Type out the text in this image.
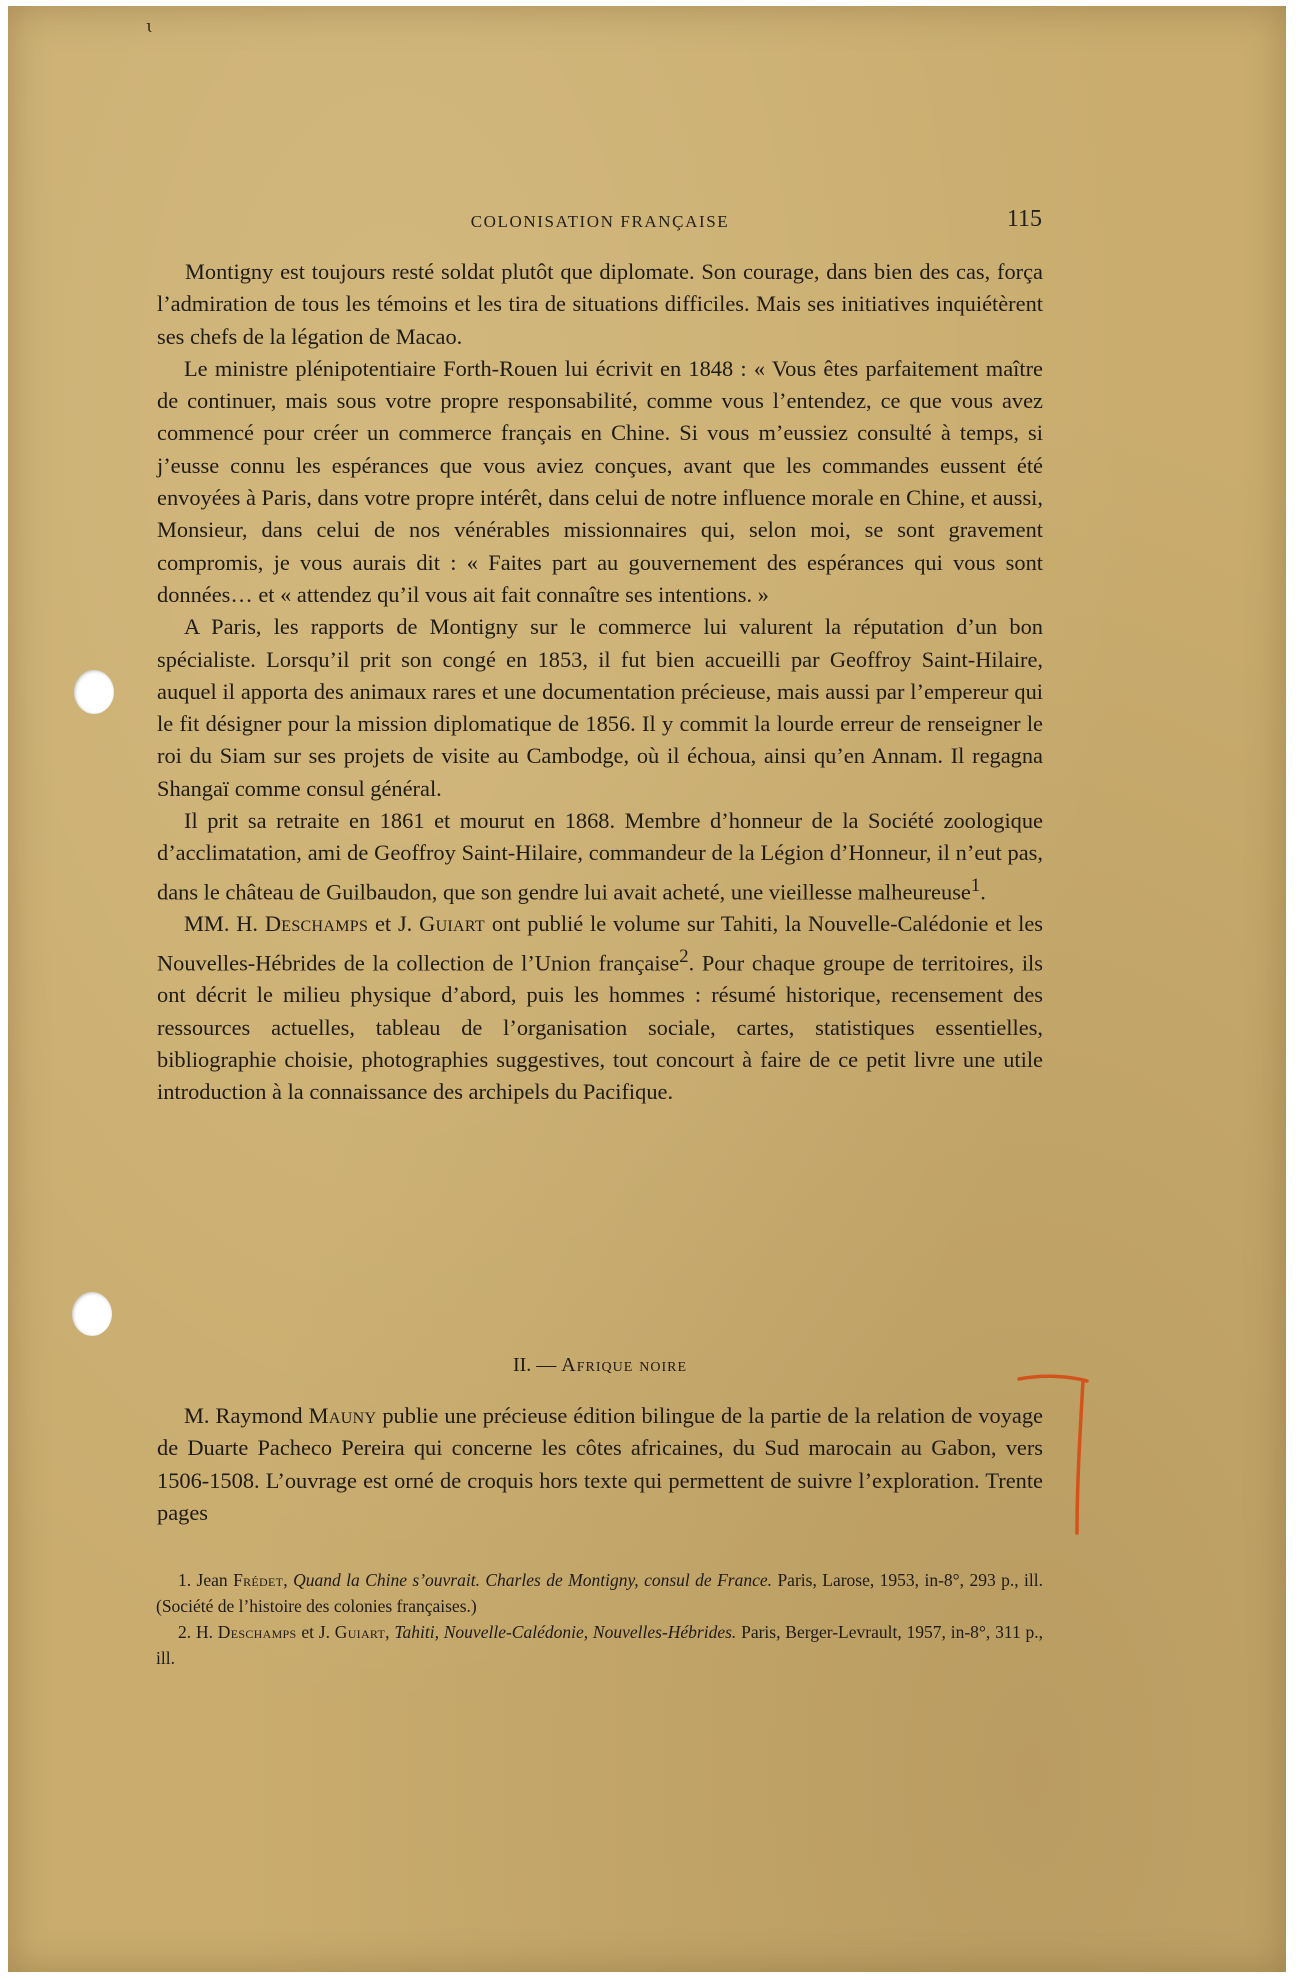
ɩ
COLONISATION FRANÇAISE	115

Montigny est toujours resté soldat plutôt que diplomate. Son courage, dans bien des cas, força l’admiration de tous les témoins et les tira de situations difficiles. Mais ses initiatives inquiétèrent ses chefs de la légation de Macao.

Le ministre plénipotentiaire Forth-Rouen lui écrivit en 1848 : « Vous êtes parfaitement maître de continuer, mais sous votre propre responsabilité, comme vous l’entendez, ce que vous avez commencé pour créer un commerce français en Chine. Si vous m’eussiez consulté à temps, si j’eusse connu les espérances que vous aviez conçues, avant que les commandes eussent été envoyées à Paris, dans votre propre intérêt, dans celui de notre influence morale en Chine, et aussi, Monsieur, dans celui de nos vénérables missionnaires qui, selon moi, se sont gravement compromis, je vous aurais dit : « Faites part au gouvernement des espérances qui vous sont données… et « attendez qu’il vous ait fait connaître ses intentions. »

A Paris, les rapports de Montigny sur le commerce lui valurent la réputation d’un bon spécialiste. Lorsqu’il prit son congé en 1853, il fut bien accueilli par Geoffroy Saint-Hilaire, auquel il apporta des animaux rares et une documentation précieuse, mais aussi par l’empereur qui le fit désigner pour la mission diplomatique de 1856. Il y commit la lourde erreur de renseigner le roi du Siam sur ses projets de visite au Cambodge, où il échoua, ainsi qu’en Annam. Il regagna Shangaï comme consul général.

Il prit sa retraite en 1861 et mourut en 1868. Membre d’honneur de la Société zoologique d’acclimatation, ami de Geoffroy Saint-Hilaire, commandeur de la Légion d’Honneur, il n’eut pas, dans le château de Guilbaudon, que son gendre lui avait acheté, une vieillesse malheureuse$^1$.

MM. H. Deschamps et J. Guiart ont publié le volume sur Tahiti, la Nouvelle-Calédonie et les Nouvelles-Hébrides de la collection de l’Union française$^2$. Pour chaque groupe de territoires, ils ont décrit le milieu physique d’abord, puis les hommes : résumé historique, recensement des ressources actuelles, tableau de l’organisation sociale, cartes, statistiques essentielles, bibliographie choisie, photographies suggestives, tout concourt à faire de ce petit livre une utile introduction à la connaissance des archipels du Pacifique.

II. — Afrique noire

M. Raymond Mauny publie une précieuse édition bilingue de la partie de la relation de voyage de Duarte Pacheco Pereira qui concerne les côtes africaines, du Sud marocain au Gabon, vers 1506-1508. L’ouvrage est orné de croquis hors texte qui permettent de suivre l’exploration. Trente pages

1. Jean Frédet, Quand la Chine s’ouvrait. Charles de Montigny, consul de France. Paris, Larose, 1953, in-8°, 293 p., ill. (Société de l’histoire des colonies françaises.)

2. H. Deschamps et J. Guiart, Tahiti, Nouvelle-Calédonie, Nouvelles-Hébrides. Paris, Berger-Levrault, 1957, in-8°, 311 p., ill.
